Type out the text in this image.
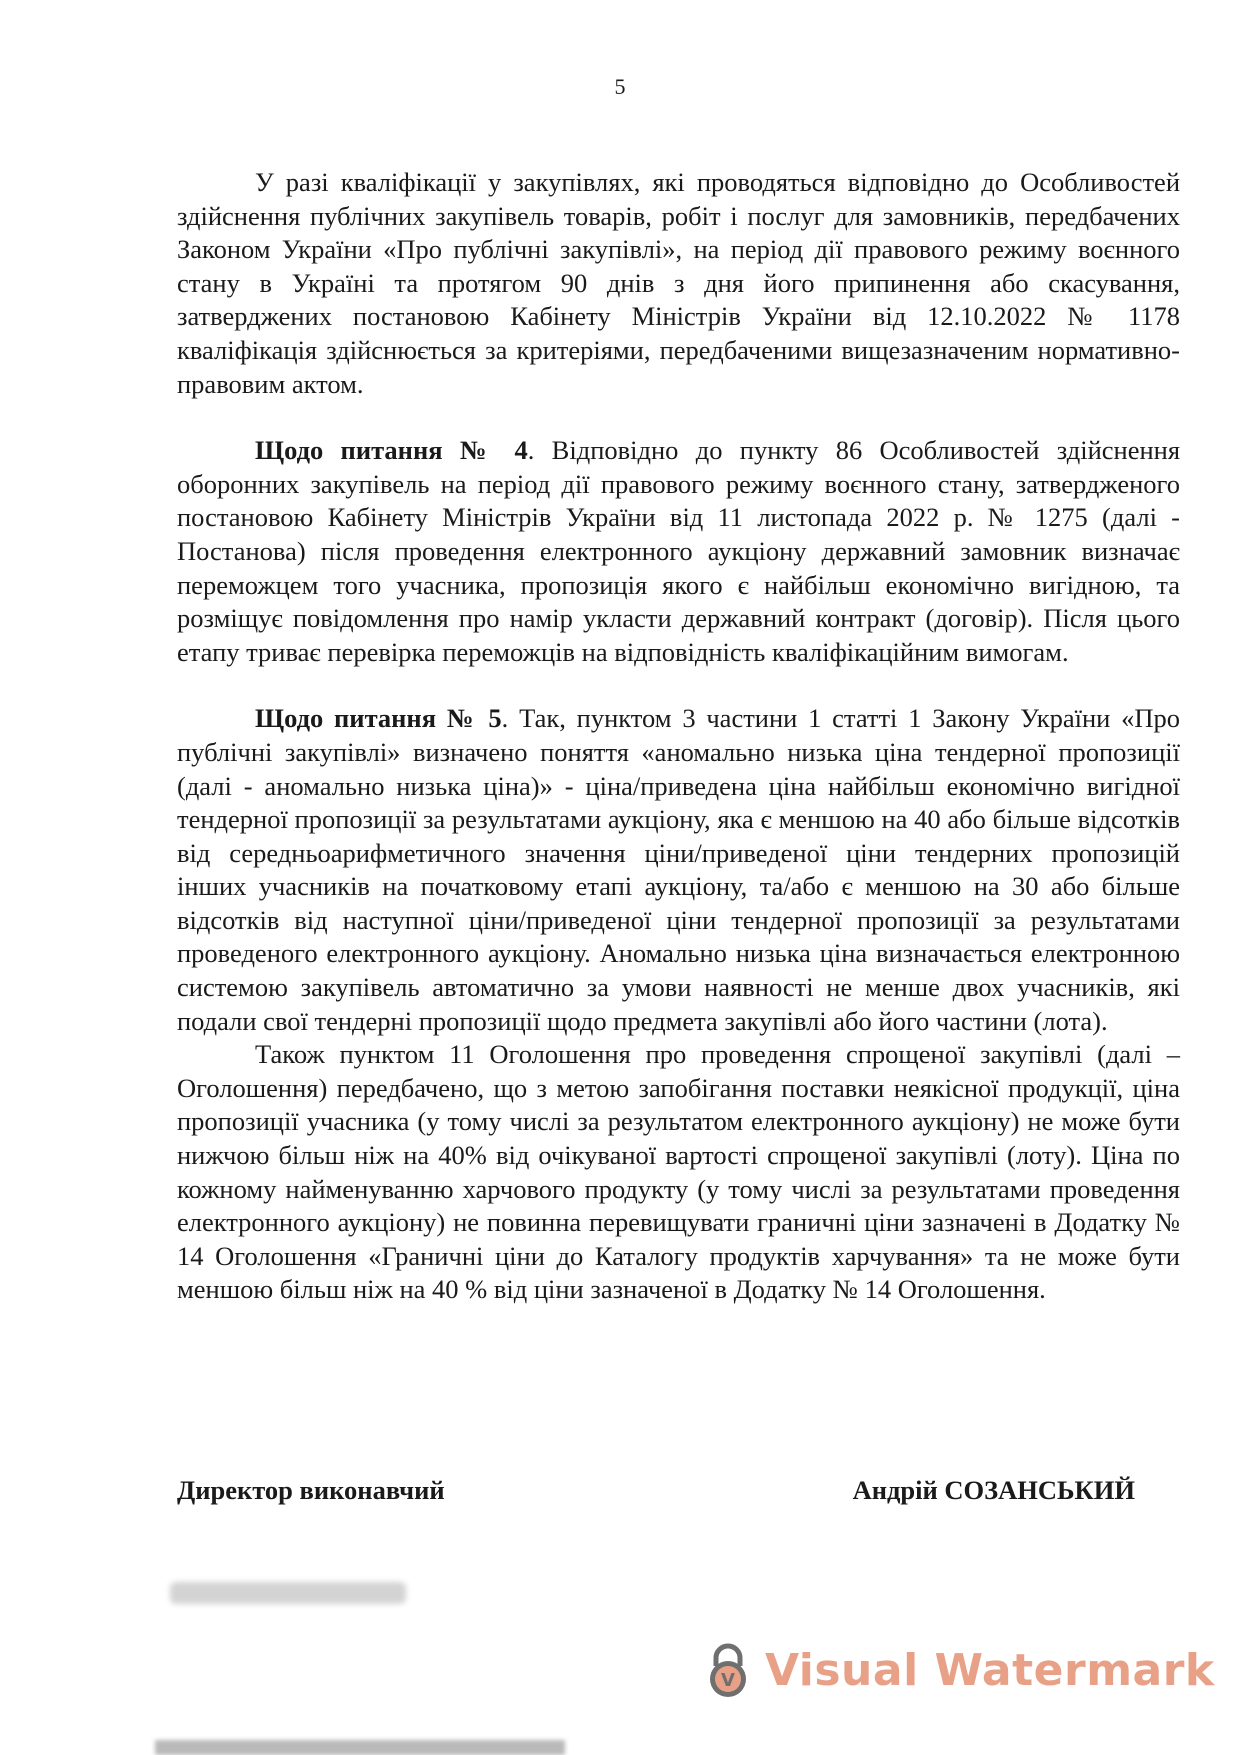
5

У разі кваліфікації у закупівлях, які проводяться відповідно до Особливостей здійснення публічних закупівель товарів, робіт і послуг для замовників, передбачених Законом України «Про публічні закупівлі», на період дії правового режиму воєнного стану в Україні та протягом 90 днів з дня його припинення або скасування, затверджених постановою Кабінету Міністрів України від 12.10.2022 № 1178 кваліфікація здійснюється за критеріями, передбаченими вищезазначеним нормативно-правовим актом.

Щодо питання № 4. Відповідно до пункту 86 Особливостей здійснення оборонних закупівель на період дії правового режиму воєнного стану, затвердженого постановою Кабінету Міністрів України від 11 листопада 2022 р. № 1275 (далі - Постанова) після проведення електронного аукціону державний замовник визначає переможцем того учасника, пропозиція якого є найбільш економічно вигідною, та розміщує повідомлення про намір укласти державний контракт (договір). Після цього етапу триває перевірка переможців на відповідність кваліфікаційним вимогам.

Щодо питання № 5. Так, пунктом 3 частини 1 статті 1 Закону України «Про публічні закупівлі» визначено поняття «аномально низька ціна тендерної пропозиції (далі - аномально низька ціна)» - ціна/приведена ціна найбільш економічно вигідної тендерної пропозиції за результатами аукціону, яка є меншою на 40 або більше відсотків від середньоарифметичного значення ціни/приведеної ціни тендерних пропозицій інших учасників на початковому етапі аукціону, та/або є меншою на 30 або більше відсотків від наступної ціни/приведеної ціни тендерної пропозиції за результатами проведеного електронного аукціону. Аномально низька ціна визначається електронною системою закупівель автоматично за умови наявності не менше двох учасників, які подали свої тендерні пропозиції щодо предмета закупівлі або його частини (лота).

Також пунктом 11 Оголошення про проведення спрощеної закупівлі (далі – Оголошення) передбачено, що з метою запобігання поставки неякісної продукції, ціна пропозиції учасника (у тому числі за результатом електронного аукціону) не може бути нижчою більш ніж на 40% від очікуваної вартості спрощеної закупівлі (лоту). Ціна по кожному найменуванню харчового продукту (у тому числі за результатами проведення електронного аукціону) не повинна перевищувати граничні ціни зазначені в Додатку № 14 Оголошення «Граничні ціни до Каталогу продуктів харчування» та не може бути меншою більш ніж на 40 % від ціни зазначеної в Додатку № 14 Оголошення.

Директор виконавчий	Андрій СОЗАНСЬКИЙ
V Visual Watermark
